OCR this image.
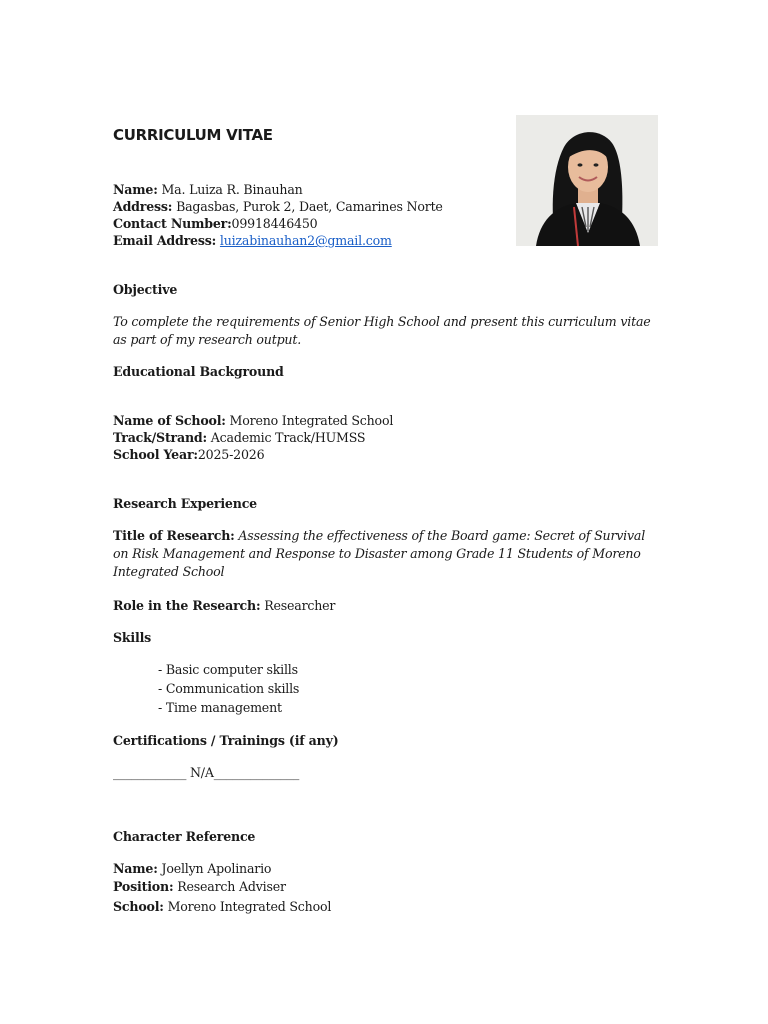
CURRICULUM VITAE
Name: Ma. Luiza R. Binauhan
Address: Bagasbas, Purok 2, Daet, Camarines Norte
Contact Number:09918446450
Email Address: luizabinauhan2@gmail.com
Objective
To complete the requirements of Senior High School and present this curriculum vitae as part of my research output.
Educational Background
Name of School: Moreno Integrated School
Track/Strand: Academic Track/HUMSS
School Year:2025-2026
Research Experience
Title of Research: Assessing the effectiveness of the Board game: Secret of Survival on Risk Management and Response to Disaster among Grade 11 Students of Moreno Integrated School
Role in the Research: Researcher
Skills
- Basic computer skills
- Communication skills
- Time management
Certifications / Trainings (if any)
____________ N/A______________
Character Reference
Name: Joellyn Apolinario
Position: Research Adviser
School: Moreno Integrated School
